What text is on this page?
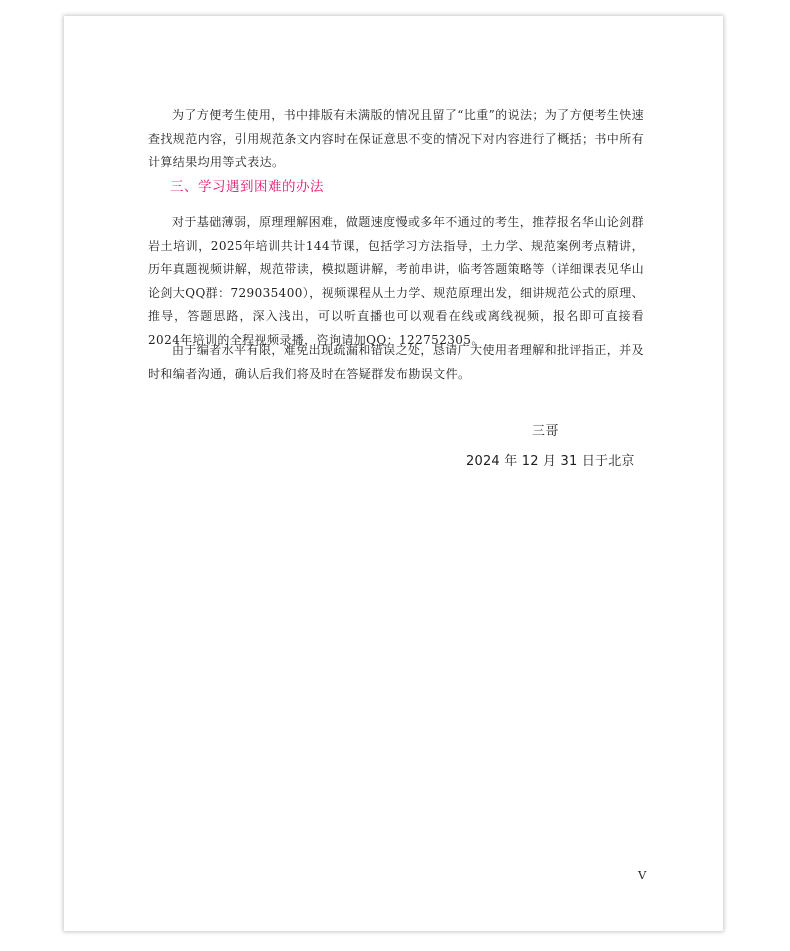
为了方便考生使用，书中排版有未满版的情况且留了“比重”的说法；为了方便考生快速查找规范内容，引用规范条文内容时在保证意思不变的情况下对内容进行了概括；书中所有计算结果均用等式表达。

三、学习遇到困难的办法

对于基础薄弱，原理理解困难，做题速度慢或多年不通过的考生，推荐报名华山论剑群岩土培训，2025年培训共计144节课，包括学习方法指导，土力学、规范案例考点精讲，历年真题视频讲解，规范带读，模拟题讲解，考前串讲，临考答题策略等（详细课表见华山论剑大QQ群：729035400），视频课程从土力学、规范原理出发，细讲规范公式的原理、推导，答题思路，深入浅出，可以听直播也可以观看在线或离线视频，报名即可直接看2024年培训的全程视频录播，咨询请加QQ：122752305。

由于编者水平有限，难免出现疏漏和错误之处，恳请广大使用者理解和批评指正，并及时和编者沟通，确认后我们将及时在答疑群发布勘误文件。

三哥
2024 年 12 月 31 日于北京
V
